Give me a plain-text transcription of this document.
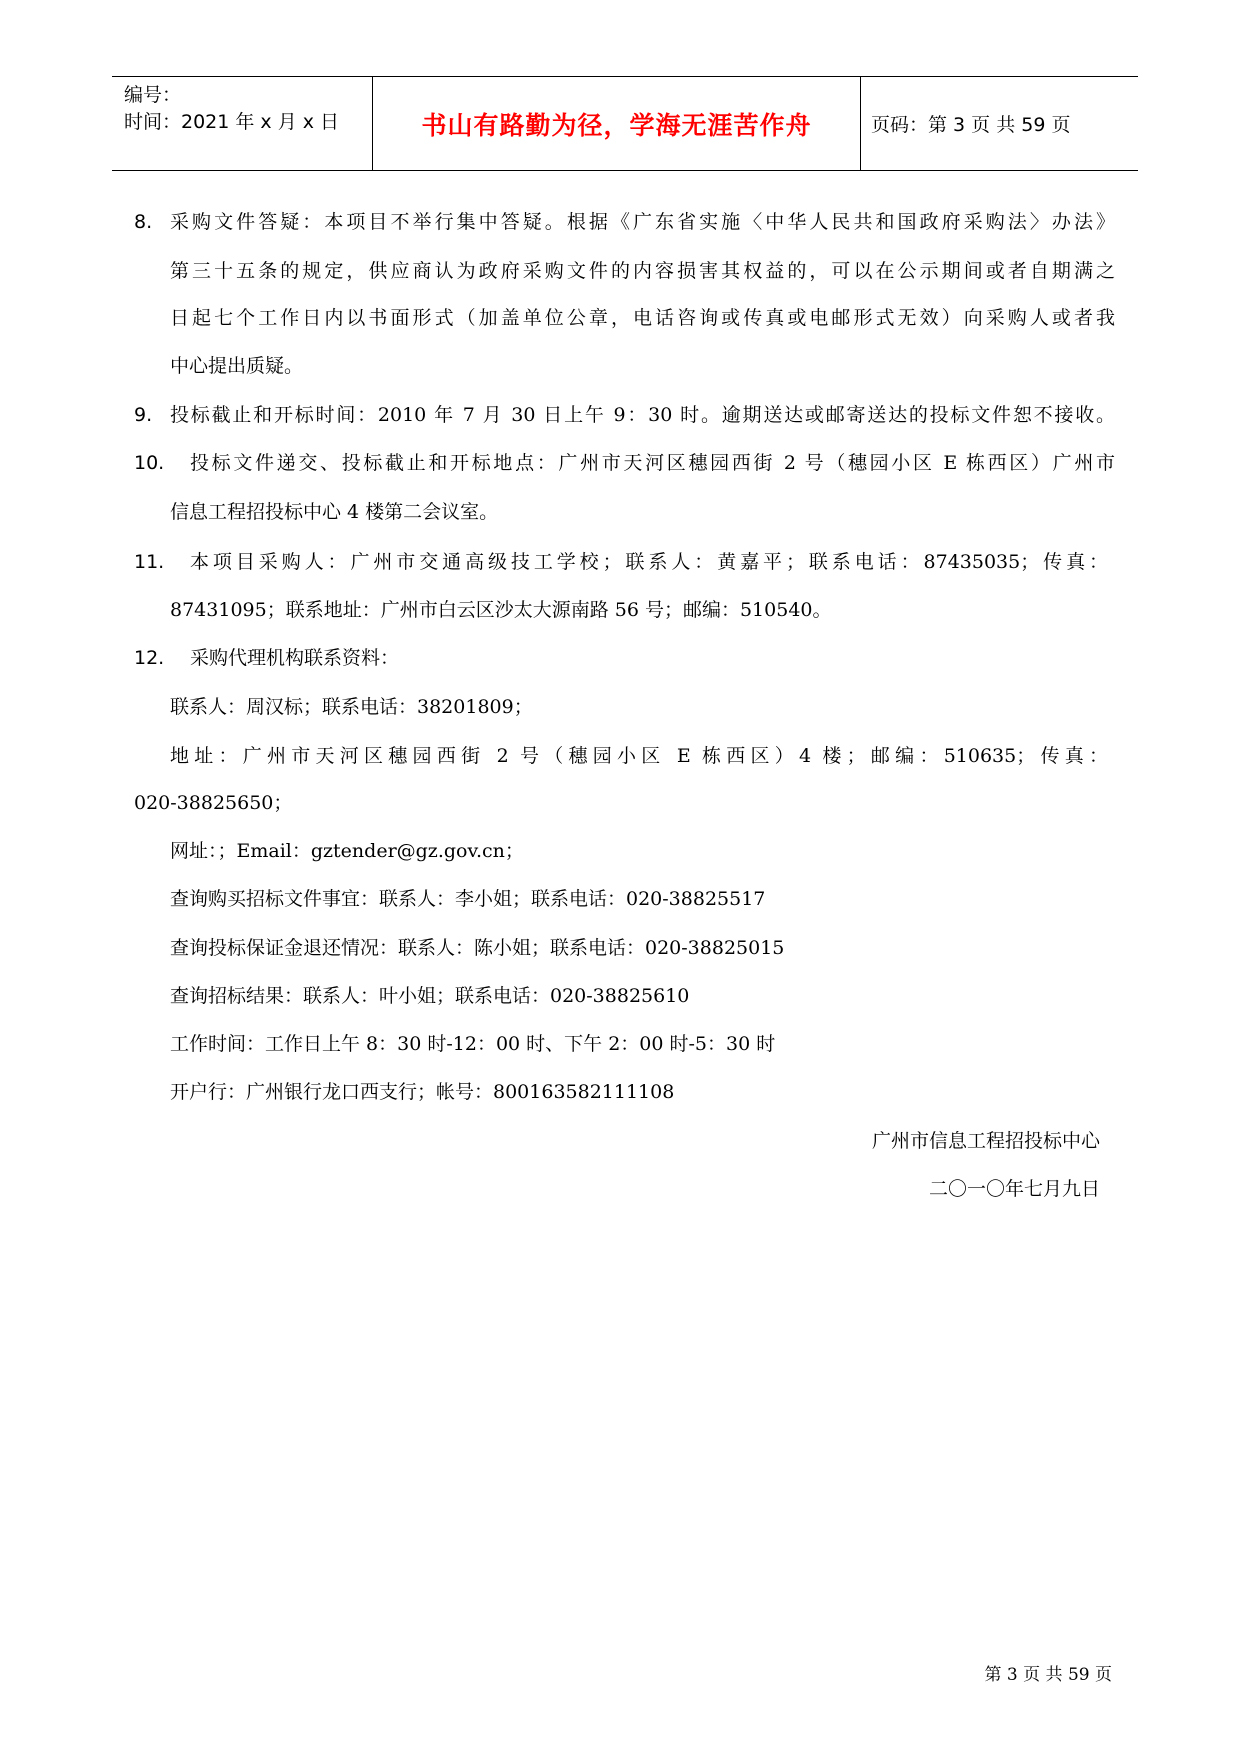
编号：
时间：2021 年 x 月 x 日	书山有路勤为径，学海无涯苦作舟	页码：第 3 页 共 59 页
8. 采购文件答疑：本项目不举行集中答疑。根据《广东省实施〈中华人民共和国政府采购法〉办法》
第三十五条的规定，供应商认为政府采购文件的内容损害其权益的，可以在公示期间或者自期满之
日起七个工作日内以书面形式（加盖单位公章，电话咨询或传真或电邮形式无效）向采购人或者我
中心提出质疑。
9. 投标截止和开标时间：2010 年 7 月 30 日上午 9：30 时。逾期送达或邮寄送达的投标文件恕不接收。
10. 投标文件递交、投标截止和开标地点：广州市天河区穗园西街 2 号（穗园小区 E 栋西区）广州市
信息工程招投标中心 4 楼第二会议室。
11. 本项目采购人：广州市交通高级技工学校；联系人：黄嘉平；联系电话：87435035；传真：
87431095；联系地址：广州市白云区沙太大源南路 56 号；邮编：510540。
12. 采购代理机构联系资料：
联系人：周汉标；联系电话：38201809；
地址：广州市天河区穗园西街 2 号（穗园小区 E 栋西区）4 楼；邮编：510635；传真：
020-38825650；
网址：；Email：gztender@gz.gov.cn；
查询购买招标文件事宜：联系人：李小姐；联系电话：020-38825517
查询投标保证金退还情况：联系人：陈小姐；联系电话：020-38825015
查询招标结果：联系人：叶小姐；联系电话：020-38825610
工作时间：工作日上午 8：30 时-12：00 时、下午 2：00 时-5：30 时
开户行：广州银行龙口西支行；帐号：800163582111108
广州市信息工程招投标中心
二〇一〇年七月九日
第 3 页 共 59 页
